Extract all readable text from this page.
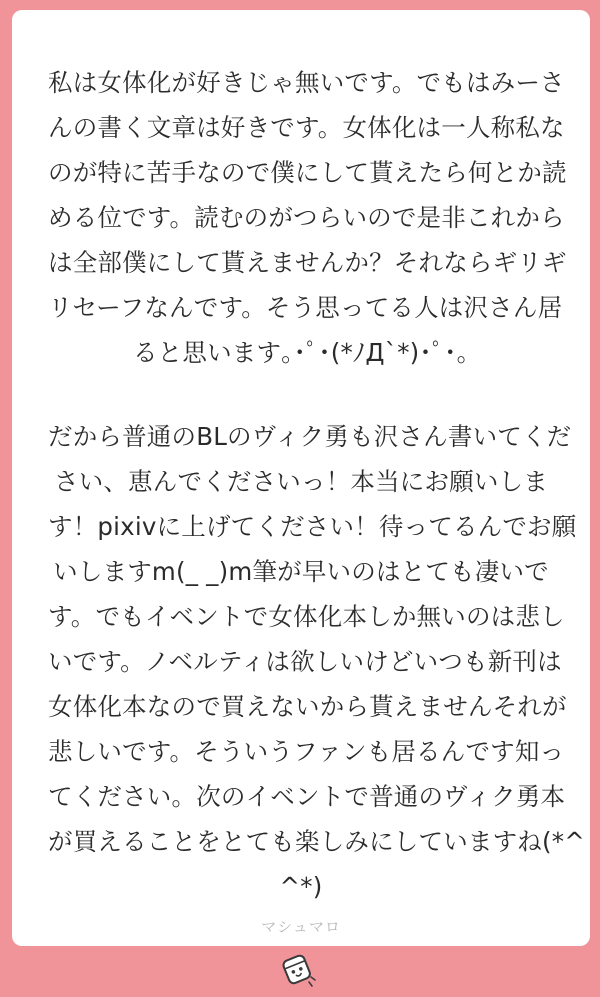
私は女体化が好きじゃ無いです。でもはみーさ
んの書く文章は好きです。女体化は一人称私な
のが特に苦手なので僕にして貰えたら何とか読
める位です。読むのがつらいので是非これから
は全部僕にして貰えませんか？それならギリギ
リセーフなんです。そう思ってる人は沢さん居
ると思います｡･ﾟ･(*ﾉД`*)･ﾟ･｡
だから普通のBLのヴィク勇も沢さん書いてくだ
さい、恵んでくださいっ！本当にお願いしま
す！pixivに上げてください！待ってるんでお願
いしますm(_ _)m筆が早いのはとても凄いで
す。でもイベントで女体化本しか無いのは悲し
いです。ノベルティは欲しいけどいつも新刊は
女体化本なので買えないから貰えませんそれが
悲しいです。そういうファンも居るんです知っ
てください。次のイベントで普通のヴィク勇本
が買えることをとても楽しみにしていますね(*^
^*)
マシュマロ
